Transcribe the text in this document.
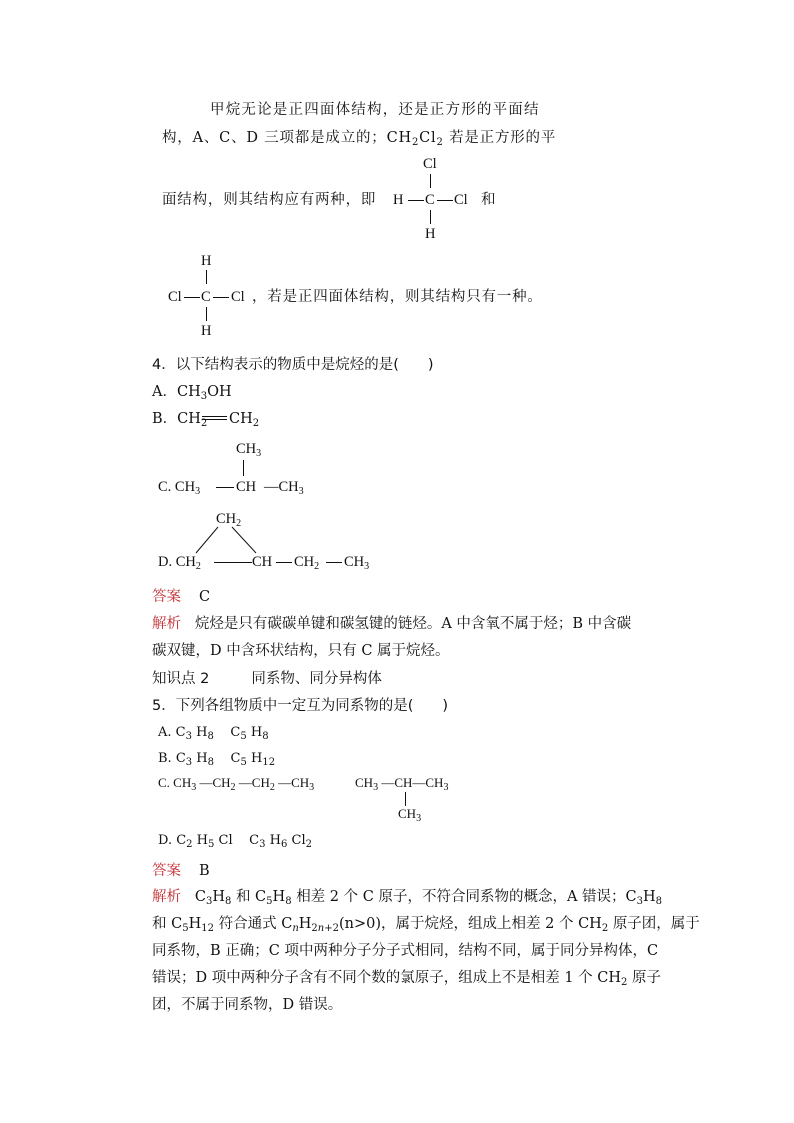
甲烷无论是正四面体结构，还是正方形的平面结
构，A、C、D 三项都是成立的；$CH_2Cl_2$ 若是正方形的平
Cl
H C Cl
H
面结构，则其结构应有两种，即	和
H
Cl C Cl
H
，若是正四面体结构，则其结构只有一种。
4．以下结构表示的物质中是烷烃的是(　　)
A．$CH_3OH$
B．$CH_2$ $CH_2$
$CH_3$
C. $CH_3$ CH $—CH_3$
$CH_2$
D. $CH_2$	CH $CH_2$ $CH_3$
答案 C
解析 烷烃是只有碳碳单键和碳氢键的链烃。A 中含氧不属于烃；B 中含碳
碳双键，D 中含环状结构，只有 C 属于烷烃。
知识点 2	同系物、同分异构体
5．下列各组物质中一定互为同系物的是(　　)
A. $C_3$ $H_8$    $C_5$ $H_8$
B. $C_3$ $H_8$    $C_5$ $H_{12}$
C. $CH_3$ $—CH_2$ $—CH_2$ $—CH_3$	$CH_3$ $—CH—CH_3$
$CH_3$
D. $C_2$ $H_5$ Cl    $C_3$ $H_6$ $Cl_2$
答案 B
解析 $C_3H_8$ 和 $C_5H_8$ 相差 2 个 C 原子，不符合同系物的概念，A 错误；$C_3H_8$
和 $C_5H_{12}$ 符合通式 $C_nH_{2n+2}(n>0)$，属于烷烃，组成上相差 2 个 $CH_2$ 原子团，属于
同系物，B 正确；C 项中两种分子分子式相同，结构不同，属于同分异构体，C
错误；D 项中两种分子含有不同个数的氯原子，组成上不是相差 1 个 $CH_2$ 原子
团，不属于同系物，D 错误。
